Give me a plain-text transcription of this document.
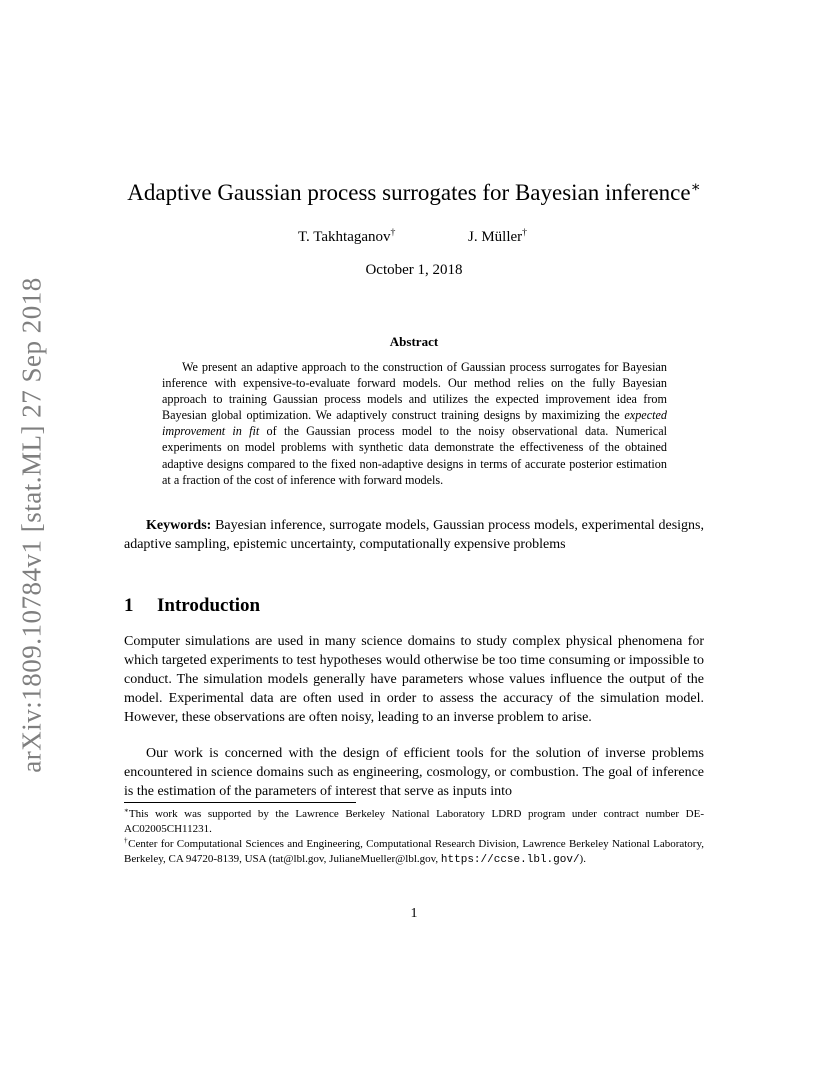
arXiv:1809.10784v1 [stat.ML] 27 Sep 2018
Adaptive Gaussian process surrogates for Bayesian inference∗
T. Takhtaganov†	J. Müller†
October 1, 2018
Abstract

We present an adaptive approach to the construction of Gaussian process surrogates for Bayesian inference with expensive-to-evaluate forward models. Our method relies on the fully Bayesian approach to training Gaussian process models and utilizes the expected improvement idea from Bayesian global optimization. We adaptively construct training designs by maximizing the expected improvement in fit of the Gaussian process model to the noisy observational data. Numerical experiments on model problems with synthetic data demonstrate the effectiveness of the obtained adaptive designs compared to the fixed non-adaptive designs in terms of accurate posterior estimation at a fraction of the cost of inference with forward models.

Keywords: Bayesian inference, surrogate models, Gaussian process models, experimental designs, adaptive sampling, epistemic uncertainty, computationally expensive problems

1 Introduction

Computer simulations are used in many science domains to study complex physical phenomena for which targeted experiments to test hypotheses would otherwise be too time consuming or impossible to conduct. The simulation models generally have parameters whose values influence the output of the model. Experimental data are often used in order to assess the accuracy of the simulation model. However, these observations are often noisy, leading to an inverse problem to arise.

Our work is concerned with the design of efficient tools for the solution of inverse problems encountered in science domains such as engineering, cosmology, or combustion. The goal of inference is the estimation of the parameters of interest that serve as inputs into

∗This work was supported by the Lawrence Berkeley National Laboratory LDRD program under contract number DE-AC02005CH11231.

†Center for Computational Sciences and Engineering, Computational Research Division, Lawrence Berkeley National Laboratory, Berkeley, CA 94720-8139, USA (tat@lbl.gov, JulianeMueller@lbl.gov, https://ccse.lbl.gov/).

1
